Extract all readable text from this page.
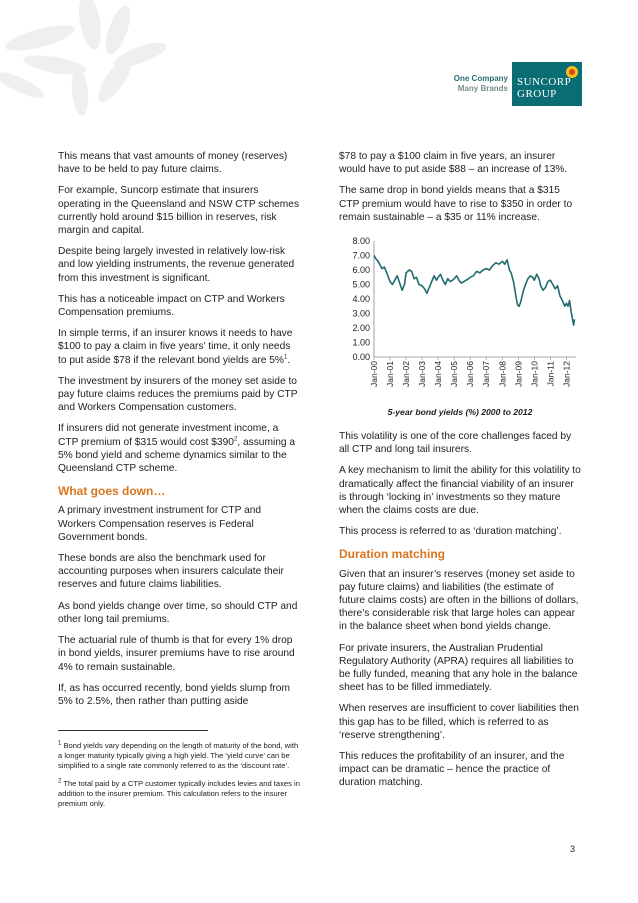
One Company
Many Brands
SUNCORP
GROUP

This means that vast amounts of money (reserves) have to be held to pay future claims.

For example, Suncorp estimate that insurers operating in the Queensland and NSW CTP schemes currently hold around $15 billion in reserves, risk margin and capital.

Despite being largely invested in relatively low-risk and low yielding instruments, the revenue generated from this investment is significant.

This has a noticeable impact on CTP and Workers Compensation premiums.

In simple terms, if an insurer knows it needs to have $100 to pay a claim in five years’ time, it only needs to put aside $78 if the relevant bond yields are 5%$^1$.

The investment by insurers of the money set aside to pay future claims reduces the premiums paid by CTP and Workers Compensation customers.

If insurers did not generate investment income, a CTP premium of $315 would cost $\$390^2$, assuming a 5% bond yield and scheme dynamics similar to the Queensland CTP scheme.

What goes down…

A primary investment instrument for CTP and Workers Compensation reserves is Federal Government bonds.

These bonds are also the benchmark used for accounting purposes when insurers calculate their reserves and future claims liabilities.

As bond yields change over time, so should CTP and other long tail premiums.

The actuarial rule of thumb is that for every 1% drop in bond yields, insurer premiums have to rise around 4% to remain sustainable.

If, as has occurred recently, bond yields slump from 5% to 2.5%, then rather than putting aside

$^1$ Bond yields vary depending on the length of maturity of the bond, with a longer maturity typically giving a high yield. The ‘yield curve’ can be simplified to a single rate commonly referred to as the ‘discount rate’.

$^2$ The total paid by a CTP customer typically includes levies and taxes in addition to the insurer premium. This calculation refers to the insurer premium only.

$78 to pay a $100 claim in five years, an insurer would have to put aside $88 – an increase of 13%.

The same drop in bond yields means that a $315 CTP premium would have to rise to $350 in order to remain sustainable – a $35 or 11% increase.

0.00
1.00
2.00
3.00
4.00
5.00
6.00
7.00
8.00
Jan-00 Jan-01 Jan-02 Jan-03 Jan-04 Jan-05 Jan-06 Jan-07 Jan-08 Jan-09 Jan-10 Jan-11 Jan-12
5-year bond yields (%) 2000 to 2012

This volatility is one of the core challenges faced by all CTP and long tail insurers.

A key mechanism to limit the ability for this volatility to dramatically affect the financial viability of an insurer is through ‘locking in’ investments so they mature when the claims costs are due.

This process is referred to as ‘duration matching’.

Duration matching

Given that an insurer’s reserves (money set aside to pay future claims) and liabilities (the estimate of future claims costs) are often in the billions of dollars, there’s considerable risk that large holes can appear in the balance sheet when bond yields change.

For private insurers, the Australian Prudential Regulatory Authority (APRA) requires all liabilities to be fully funded, meaning that any hole in the balance sheet has to be filled immediately.

When reserves are insufficient to cover liabilities then this gap has to be filled, which is referred to as ‘reserve strengthening’.

This reduces the profitability of an insurer, and the impact can be dramatic – hence the practice of duration matching.

3
